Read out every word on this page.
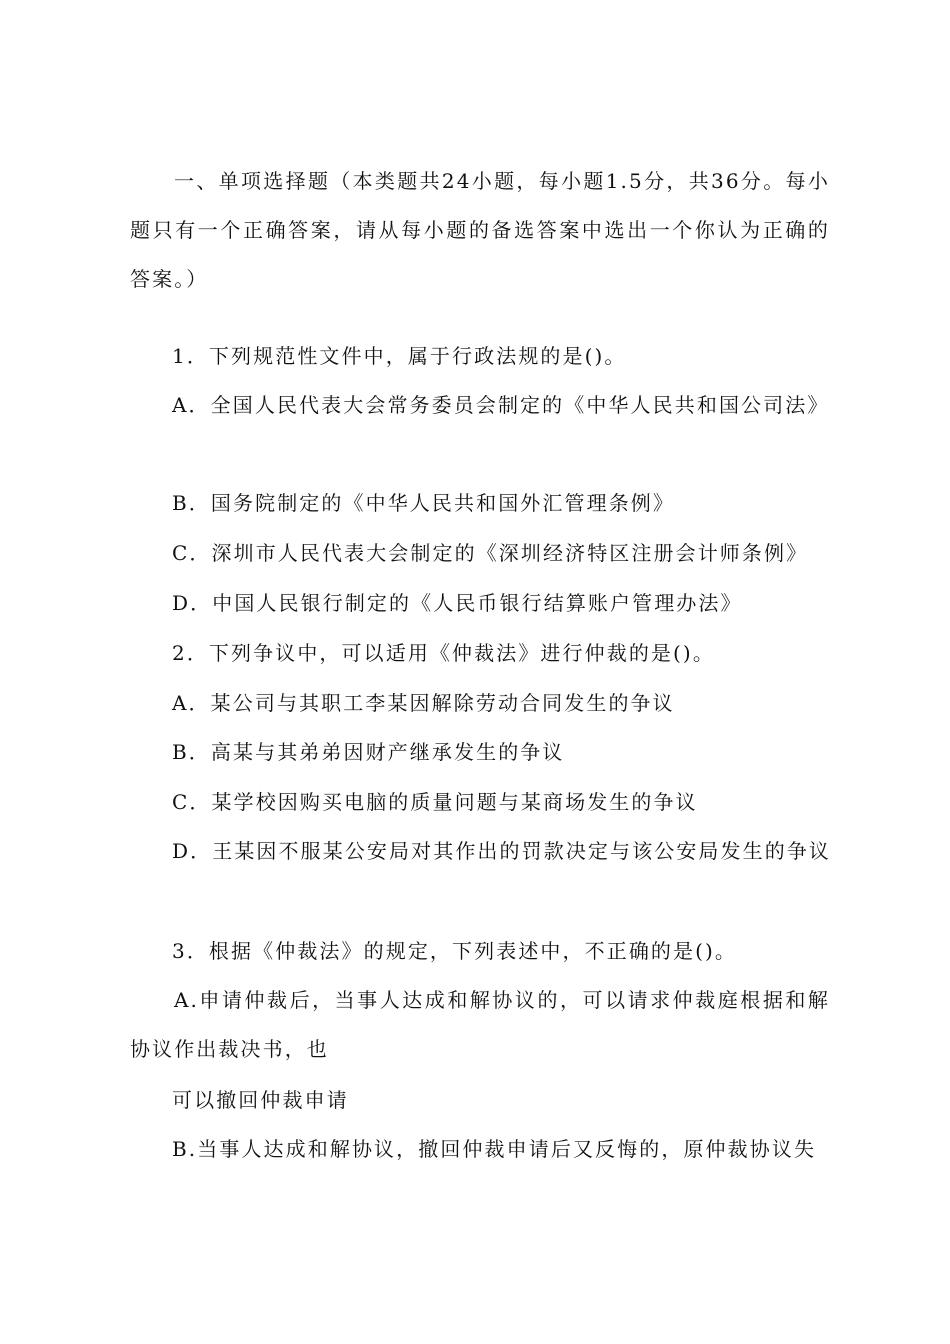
一、单项选择题（本类题共24小题，每小题1.5分，共36分。每小题只有一个正确答案，请从每小题的备选答案中选出一个你认为正确的答案。）

1．下列规范性文件中，属于行政法规的是()。

A．全国人民代表大会常务委员会制定的《中华人民共和国公司法》

B．国务院制定的《中华人民共和国外汇管理条例》

C．深圳市人民代表大会制定的《深圳经济特区注册会计师条例》

D．中国人民银行制定的《人民币银行结算账户管理办法》

2．下列争议中，可以适用《仲裁法》进行仲裁的是()。

A．某公司与其职工李某因解除劳动合同发生的争议

B．高某与其弟弟因财产继承发生的争议

C．某学校因购买电脑的质量问题与某商场发生的争议

D．王某因不服某公安局对其作出的罚款决定与该公安局发生的争议

3．根据《仲裁法》的规定，下列表述中，不正确的是()。

A.申请仲裁后，当事人达成和解协议的，可以请求仲裁庭根据和解协议作出裁决书，也

可以撤回仲裁申请

B.当事人达成和解协议，撤回仲裁申请后又反悔的，原仲裁协议失
